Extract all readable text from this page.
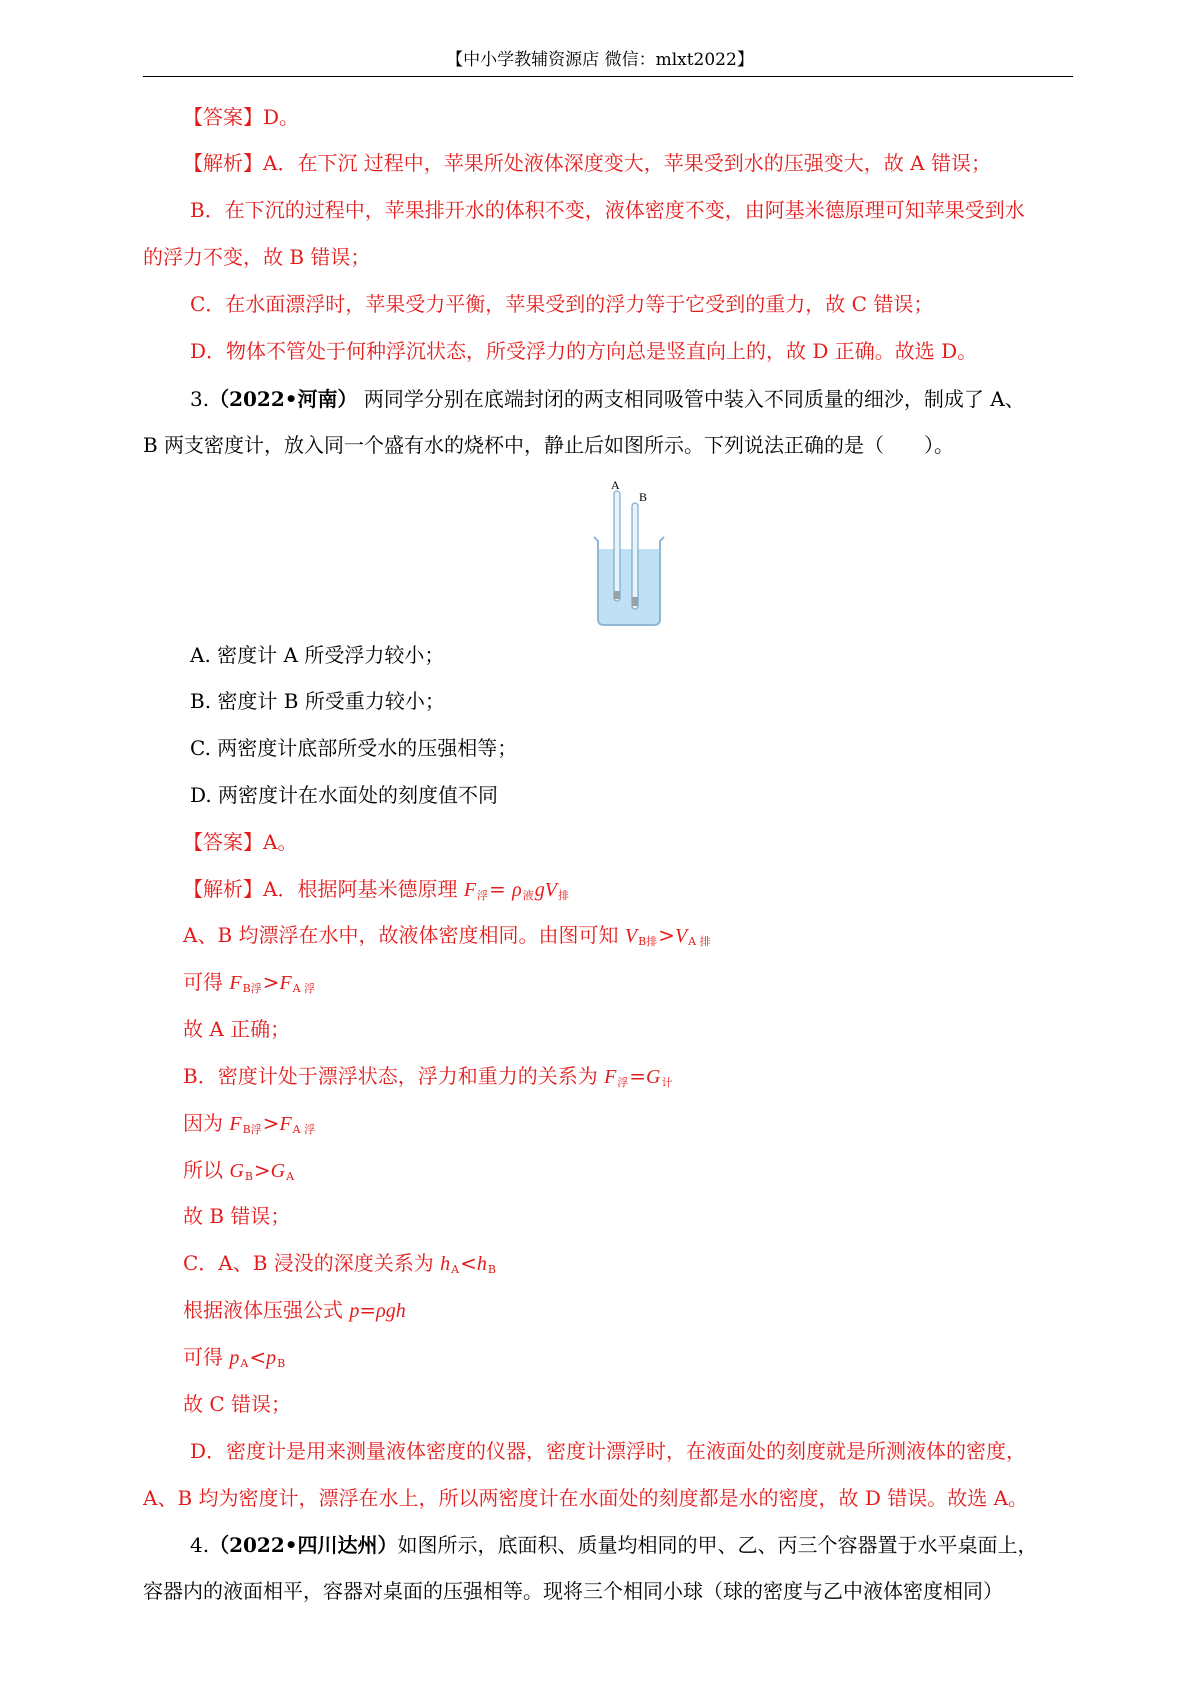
【中小学教辅资源店 微信：mlxt2022】
【答案】D。
【解析】A．在下沉 过程中，苹果所处液体深度变大，苹果受到水的压强变大，故 A 错误；
B．在下沉的过程中，苹果排开水的体积不变，液体密度不变，由阿基米德原理可知苹果受到水
的浮力不变，故 B 错误；
C．在水面漂浮时，苹果受力平衡，苹果受到的浮力等于它受到的重力，故 C 错误；
D．物体不管处于何种浮沉状态，所受浮力的方向总是竖直向上的，故 D 正确。故选 D。
3.（2022•河南） 两同学分别在底端封闭的两支相同吸管中装入不同质量的细沙，制成了 A、
B 两支密度计，放入同一个盛有水的烧杯中，静止后如图所示。下列说法正确的是（　　）。
A
B
A. 密度计 A 所受浮力较小；
B. 密度计 B 所受重力较小；
C. 两密度计底部所受水的压强相等；
D. 两密度计在水面处的刻度值不同
【答案】A。
【解析】A．根据阿基米德原理 $F_浮= \rho_液gV_排$
A、B 均漂浮在水中，故液体密度相同。由图可知 $V_{B排}>V_{A 排}$
可得 $F_{B浮}>F_{A 浮}$
故 A 正确；
B．密度计处于漂浮状态，浮力和重力的关系为 $F_浮=G_计$
因为 $F_{B浮}>F_{A 浮}$
所以 $G_B>G_A$
故 B 错误；
C．A、B 浸没的深度关系为 $h_A<h_B$
根据液体压强公式 p=ρgh
可得 $p_A<p_B$
故 C 错误；
D．密度计是用来测量液体密度的仪器，密度计漂浮时，在液面处的刻度就是所测液体的密度，
A、B 均为密度计，漂浮在水上，所以两密度计在水面处的刻度都是水的密度，故 D 错误。故选 A。
4.（2022•四川达州）如图所示，底面积、质量均相同的甲、乙、丙三个容器置于水平桌面上，
容器内的液面相平，容器对桌面的压强相等。现将三个相同小球（球的密度与乙中液体密度相同）
